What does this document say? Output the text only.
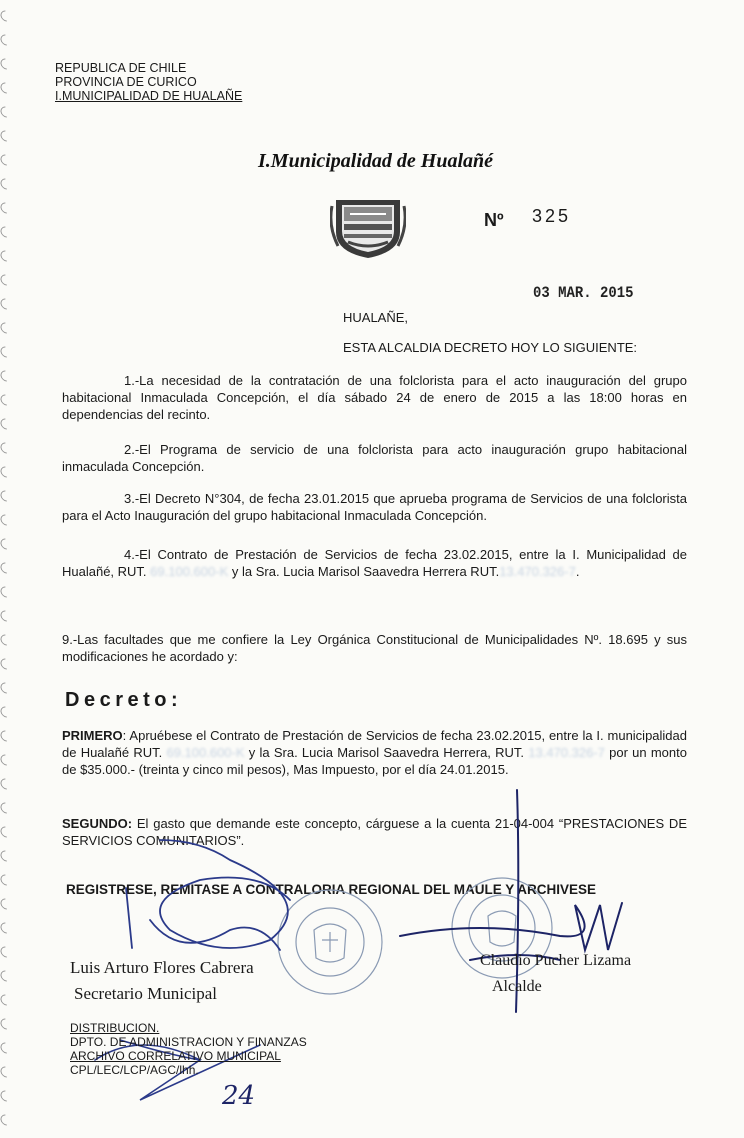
REPUBLICA DE CHILE
PROVINCIA DE CURICO
I.MUNICIPALIDAD DE HUALAÑE
I.Municipalidad de Hualañé
Nº 325
03 MAR. 2015
HUALAÑE,
ESTA ALCALDIA DECRETO HOY LO SIGUIENTE:
1.-La necesidad de la contratación de una folclorista para el acto inauguración del grupo habitacional Inmaculada Concepción, el día sábado 24 de enero de 2015 a las 18:00 horas en dependencias del recinto.
2.-El Programa de servicio de una folclorista para acto inauguración grupo habitacional inmaculada Concepción.
3.-El Decreto N°304, de fecha 23.01.2015 que aprueba programa de Servicios de una folclorista para el Acto Inauguración del grupo habitacional Inmaculada Concepción.
4.-El Contrato de Prestación de Servicios de fecha 23.02.2015, entre la I. Municipalidad de Hualañé, RUT. 69.100.600-K y la Sra. Lucia Marisol Saavedra Herrera RUT.13.470.326-7.
9.-Las facultades que me confiere la Ley Orgánica Constitucional de Municipalidades Nº. 18.695 y sus modificaciones he acordado y:
Decreto:
PRIMERO: Apruébese el Contrato de Prestación de Servicios de fecha 23.02.2015, entre la I. municipalidad de Hualañé RUT. 69.100.600-K y la Sra. Lucia Marisol Saavedra Herrera, RUT. 13.470.326-7 por un monto de $35.000.- (treinta y cinco mil pesos), Mas Impuesto, por el día 24.01.2015.
SEGUNDO: El gasto que demande este concepto, cárguese a la cuenta 21-04-004 “PRESTACIONES DE SERVICIOS COMUNITARIOS”.
REGISTRESE, REMITASE A CONTRALORIA REGIONAL DEL MAULE Y ARCHIVESE
24
Luis Arturo Flores Cabrera
Secretario Municipal
Claudio Pucher Lizama
Alcalde
DISTRIBUCION.
DPTO. DE ADMINISTRACION Y FINANZAS
ARCHIVO CORRELATIVO MUNICIPAL
CPL/LEC/LCP/AGC/lhh.
